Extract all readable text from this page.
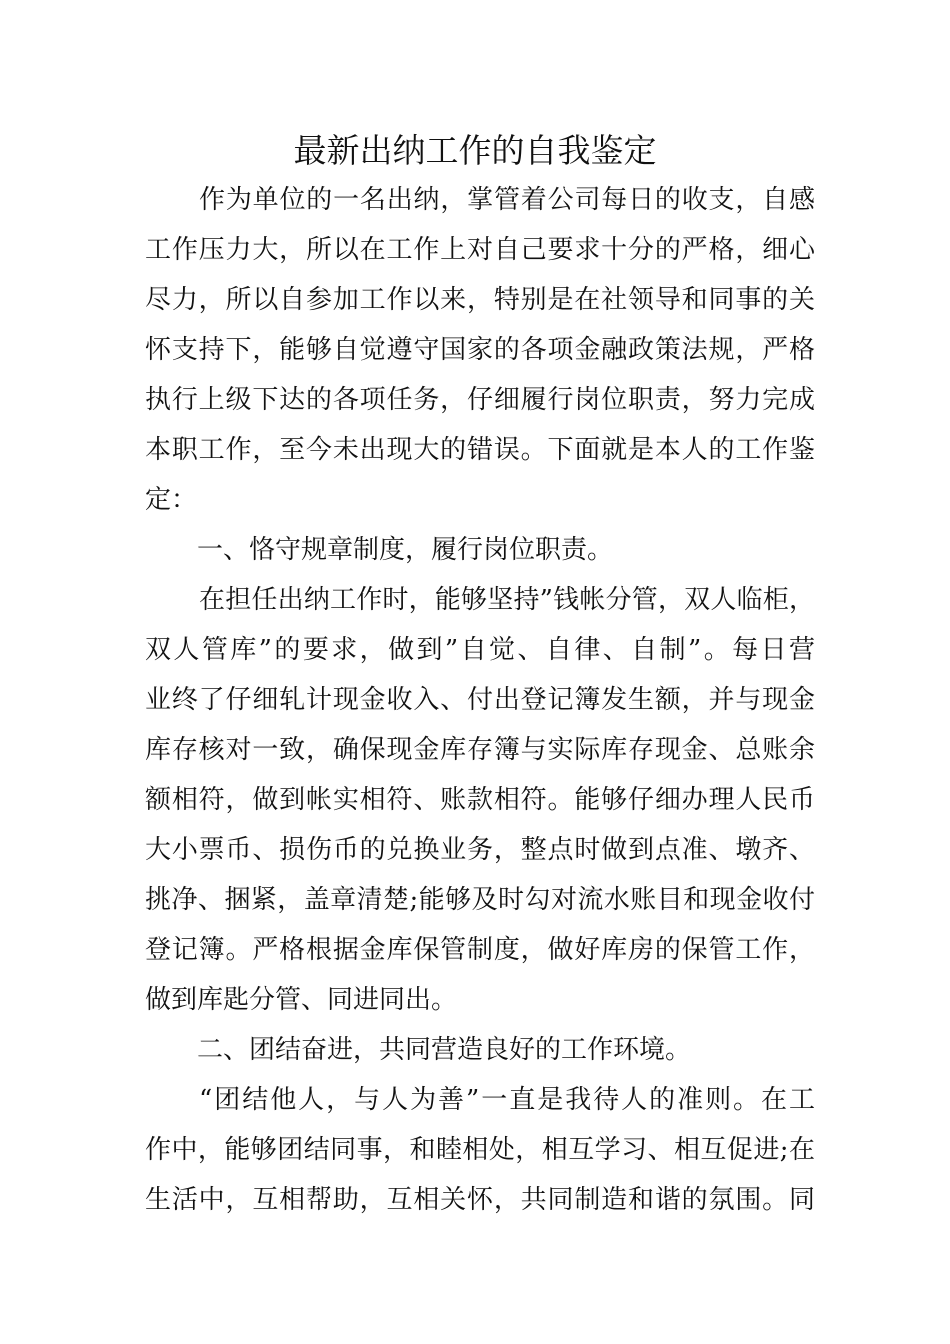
最新出纳工作的自我鉴定
作为单位的一名出纳，掌管着公司每日的收支，自感
工作压力大，所以在工作上对自己要求十分的严格，细心
尽力，所以自参加工作以来，特别是在社领导和同事的关
怀支持下，能够自觉遵守国家的各项金融政策法规，严格
执行上级下达的各项任务，仔细履行岗位职责，努力完成
本职工作，至今未出现大的错误。下面就是本人的工作鉴
定：
一、恪守规章制度，履行岗位职责。
在担任出纳工作时，能够坚持”钱帐分管，双人临柜，
双人管库”的要求，做到”自觉、自律、自制”。每日营
业终了仔细轧计现金收入、付出登记簿发生额，并与现金
库存核对一致，确保现金库存簿与实际库存现金、总账余
额相符，做到帐实相符、账款相符。能够仔细办理人民币
大小票币、损伤币的兑换业务，整点时做到点准、墩齐、
挑净、捆紧，盖章清楚;能够及时勾对流水账目和现金收付
登记簿。严格根据金库保管制度，做好库房的保管工作，
做到库匙分管、同进同出。
二、团结奋进，共同营造良好的工作环境。
“团结他人，与人为善”一直是我待人的准则。在工
作中，能够团结同事，和睦相处，相互学习、相互促进;在
生活中，互相帮助，互相关怀，共同制造和谐的氛围。同
